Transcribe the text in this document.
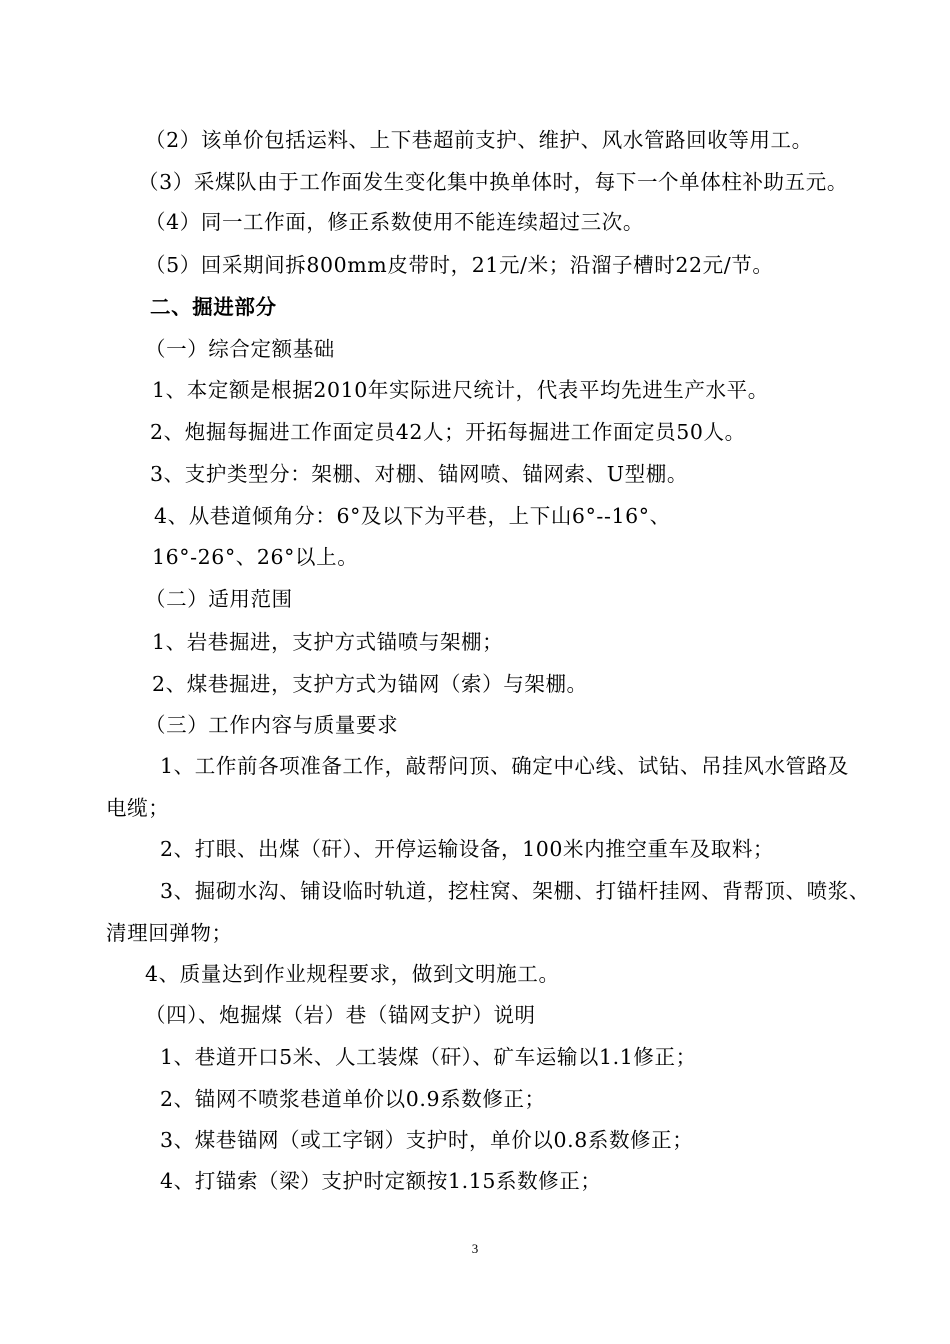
（2）该单价包括运料、上下巷超前支护、维护、风水管路回收等用工。
（3）采煤队由于工作面发生变化集中换单体时，每下一个单体柱补助五元。
（4）同一工作面，修正系数使用不能连续超过三次。
（5）回采期间拆800mm皮带时，21元/米；沿溜子槽时22元/节。
二、掘进部分
（一）综合定额基础
1、本定额是根据2010年实际进尺统计，代表平均先进生产水平。
2、炮掘每掘进工作面定员42人；开拓每掘进工作面定员50人。
3、支护类型分：架棚、对棚、锚网喷、锚网索、U型棚。
4、从巷道倾角分：6°及以下为平巷，上下山6°--16°、
16°-26°、26°以上。
（二）适用范围
1、岩巷掘进，支护方式锚喷与架棚；
2、煤巷掘进，支护方式为锚网（索）与架棚。
（三）工作内容与质量要求
1、工作前各项准备工作，敲帮问顶、确定中心线、试钻、吊挂风水管路及
电缆；
2、打眼、出煤（矸）、开停运输设备，100米内推空重车及取料；
3、掘砌水沟、铺设临时轨道，挖柱窝、架棚、打锚杆挂网、背帮顶、喷浆、
清理回弹物；
4、质量达到作业规程要求，做到文明施工。
（四）、炮掘煤（岩）巷（锚网支护）说明
1、巷道开口5米、人工装煤（矸）、矿车运输以1.1修正；
2、锚网不喷浆巷道单价以0.9系数修正；
3、煤巷锚网（或工字钢）支护时，单价以0.8系数修正；
4、打锚索（梁）支护时定额按1.15系数修正；
3
